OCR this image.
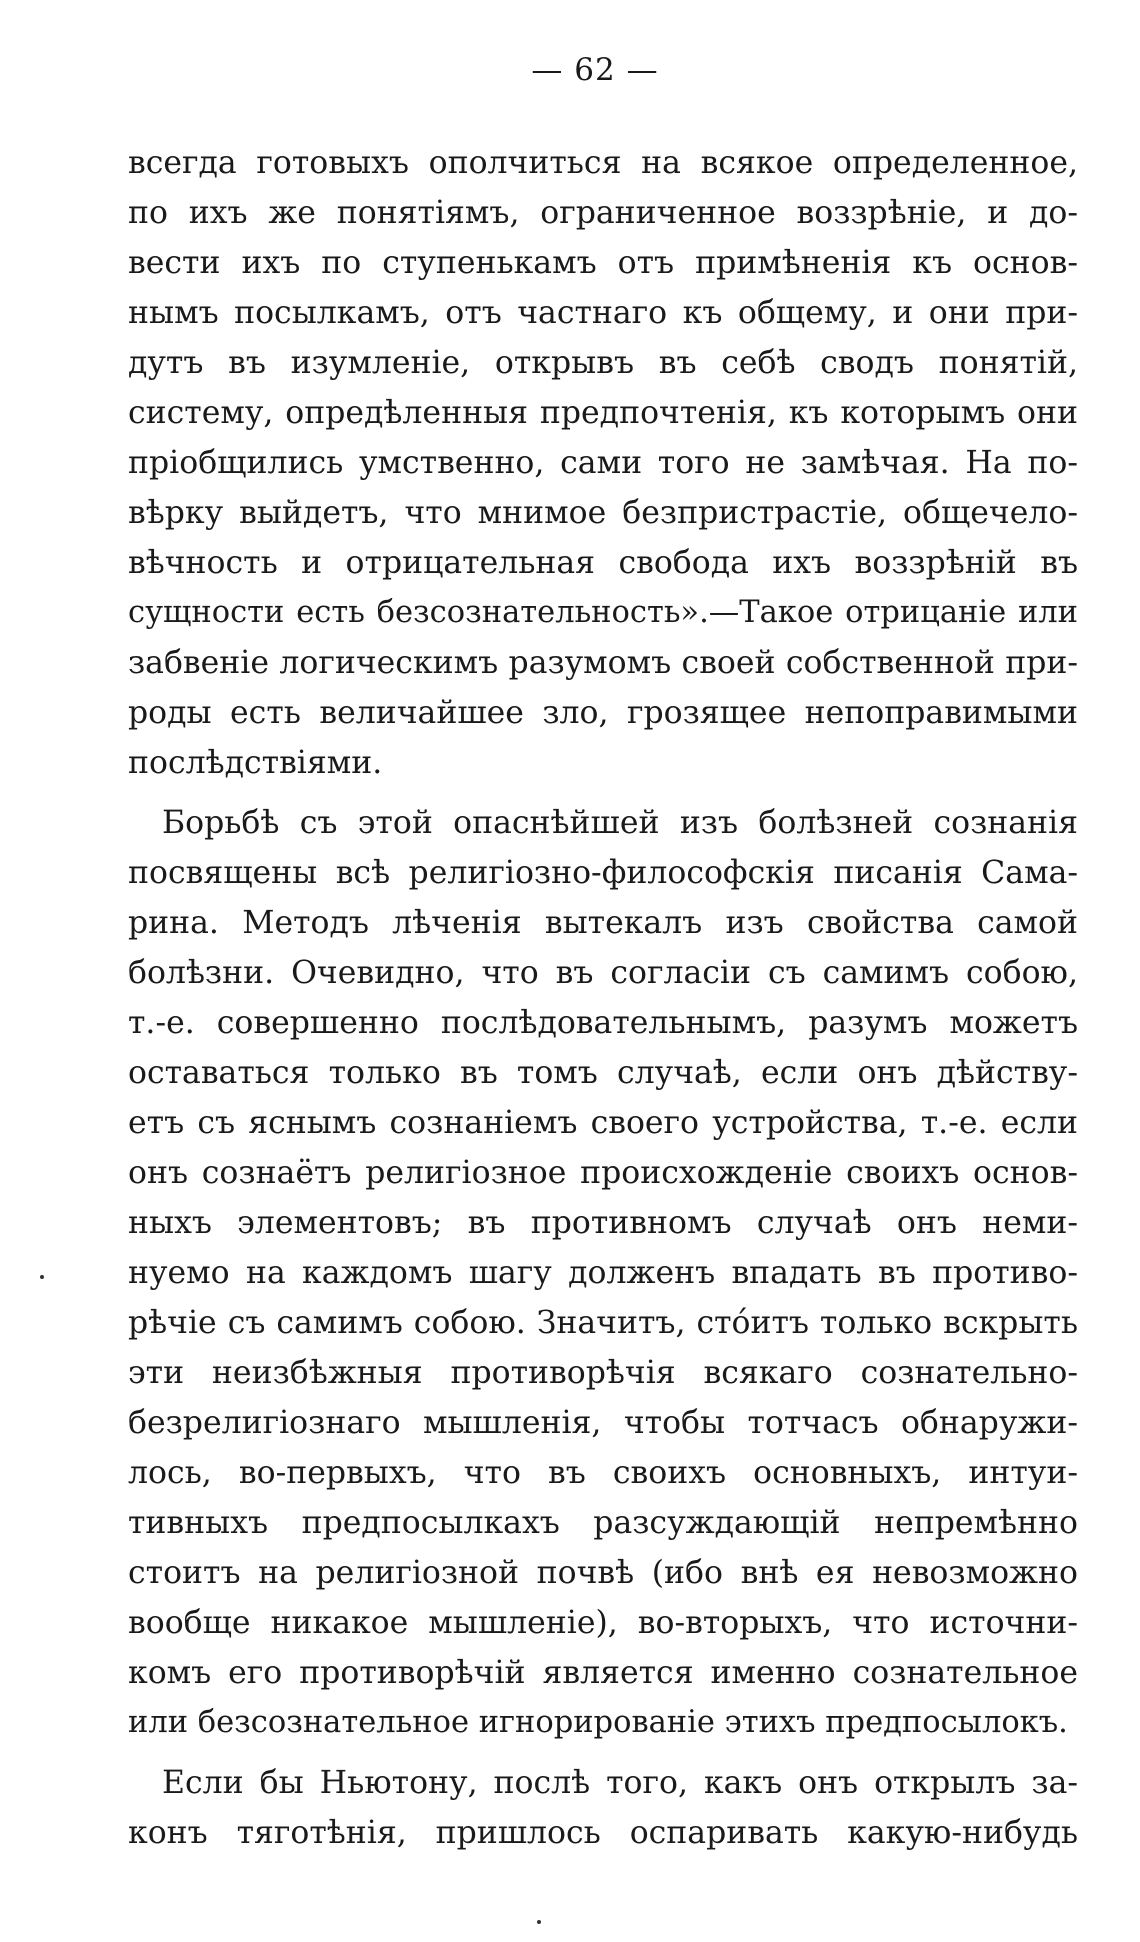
— 62 —
всегда готовыхъ ополчиться на всякое определенное,
по ихъ же понятіямъ, ограниченное воззрѣніе, и до-
вести ихъ по ступенькамъ отъ примѣненія къ основ-
нымъ посылкамъ, отъ частнаго къ общему, и они при-
дутъ въ изумленіе, открывъ въ себѣ сводъ понятій,
систему, опредѣленныя предпочтенія, къ которымъ они
пріобщились умственно, сами того не замѣчая. На по-
вѣрку выйдетъ, что мнимое безпристрастіе, общечело-
вѣчность и отрицательная свобода ихъ воззрѣній въ
сущности есть безсознательность».—Такое отрицаніе или
забвеніе логическимъ разумомъ своей собственной при-
роды есть величайшее зло, грозящее непоправимыми
послѣдствіями.
Борьбѣ съ этой опаснѣйшей изъ болѣзней сознанія
посвящены всѣ религіозно-философскія писанія Сама-
рина. Методъ лѣченія вытекалъ изъ свойства самой
болѣзни. Очевидно, что въ согласіи съ самимъ собою,
т.-е. совершенно послѣдовательнымъ, разумъ можетъ
оставаться только въ томъ случаѣ, если онъ дѣйству-
етъ съ яснымъ сознаніемъ своего устройства, т.-е. если
онъ сознаётъ религіозное происхожденіе своихъ основ-
ныхъ элементовъ; въ противномъ случаѣ онъ неми-
нуемо на каждомъ шагу долженъ впадать въ противо-
рѣчіе съ самимъ собою. Значитъ, стóитъ только вскрыть
эти неизбѣжныя противорѣчія всякаго сознательно-
безрелигіознаго мышленія, чтобы тотчасъ обнаружи-
лось, во-первыхъ, что въ своихъ основныхъ, интуи-
тивныхъ предпосылкахъ разсуждающій непремѣнно
стоитъ на религіозной почвѣ (ибо внѣ ея невозможно
вообще никакое мышленіе), во-вторыхъ, что источни-
комъ его противорѣчій является именно сознательное
или безсознательное игнорированіе этихъ предпосылокъ.
Если бы Ньютону, послѣ того, какъ онъ открылъ за-
конъ тяготѣнія, пришлось оспаривать какую-нибудь
